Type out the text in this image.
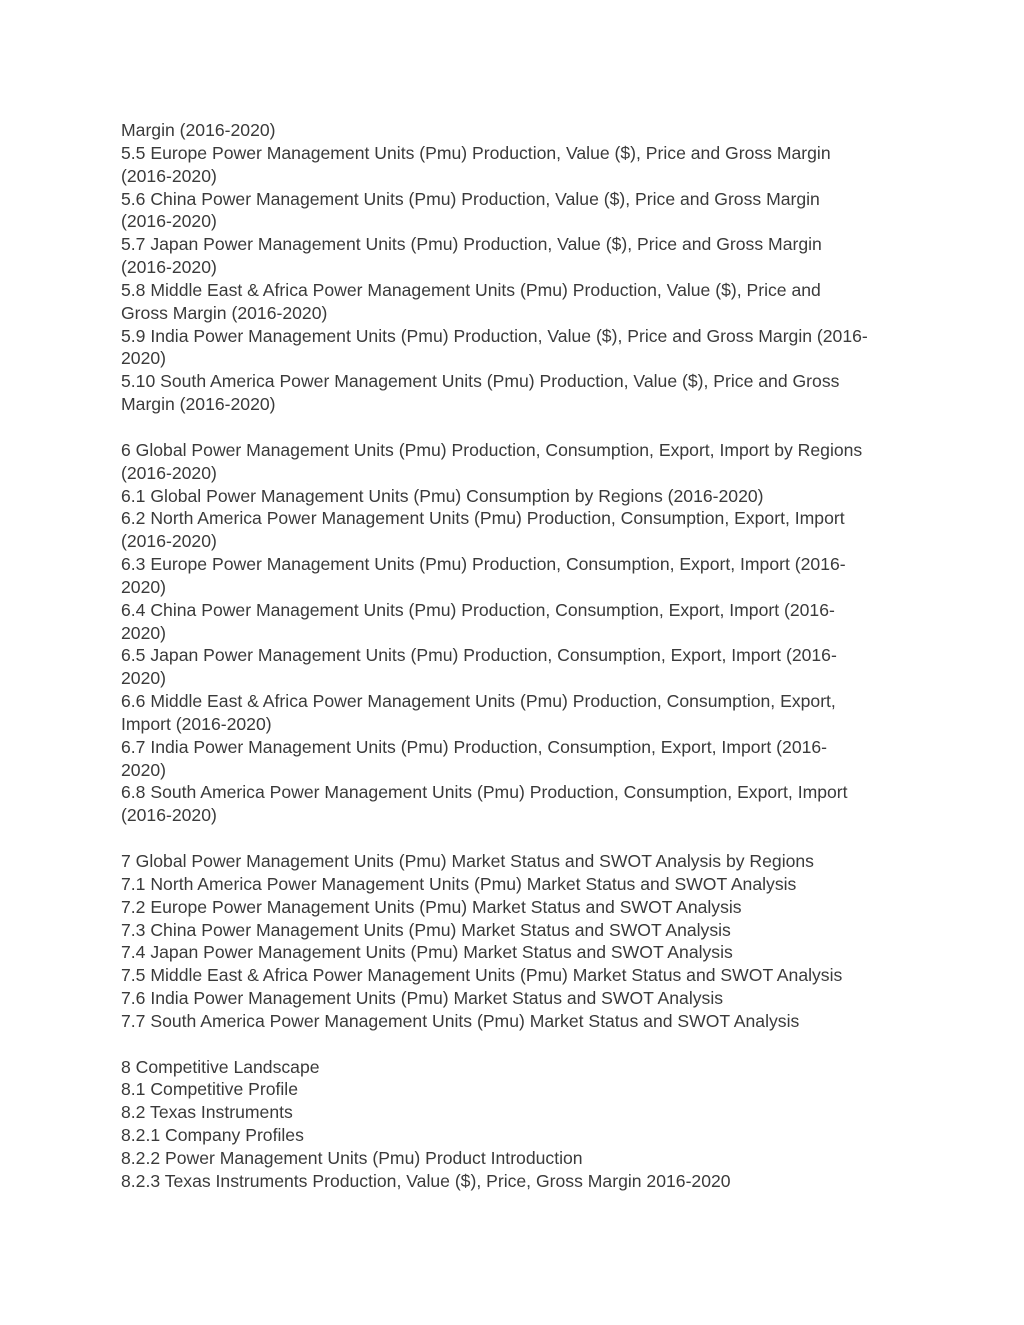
Margin (2016-2020)
5.5 Europe Power Management Units (Pmu) Production, Value ($), Price and Gross Margin
(2016-2020)
5.6 China Power Management Units (Pmu) Production, Value ($), Price and Gross Margin
(2016-2020)
5.7 Japan Power Management Units (Pmu) Production, Value ($), Price and Gross Margin
(2016-2020)
5.8 Middle East & Africa Power Management Units (Pmu) Production, Value ($), Price and
Gross Margin (2016-2020)
5.9 India Power Management Units (Pmu) Production, Value ($), Price and Gross Margin (2016-
2020)
5.10 South America Power Management Units (Pmu) Production, Value ($), Price and Gross
Margin (2016-2020)
6 Global Power Management Units (Pmu) Production, Consumption, Export, Import by Regions
(2016-2020)
6.1 Global Power Management Units (Pmu) Consumption by Regions (2016-2020)
6.2 North America Power Management Units (Pmu) Production, Consumption, Export, Import
(2016-2020)
6.3 Europe Power Management Units (Pmu) Production, Consumption, Export, Import (2016-
2020)
6.4 China Power Management Units (Pmu) Production, Consumption, Export, Import (2016-
2020)
6.5 Japan Power Management Units (Pmu) Production, Consumption, Export, Import (2016-
2020)
6.6 Middle East & Africa Power Management Units (Pmu) Production, Consumption, Export,
Import (2016-2020)
6.7 India Power Management Units (Pmu) Production, Consumption, Export, Import (2016-
2020)
6.8 South America Power Management Units (Pmu) Production, Consumption, Export, Import
(2016-2020)
7 Global Power Management Units (Pmu) Market Status and SWOT Analysis by Regions
7.1 North America Power Management Units (Pmu) Market Status and SWOT Analysis
7.2 Europe Power Management Units (Pmu) Market Status and SWOT Analysis
7.3 China Power Management Units (Pmu) Market Status and SWOT Analysis
7.4 Japan Power Management Units (Pmu) Market Status and SWOT Analysis
7.5 Middle East & Africa Power Management Units (Pmu) Market Status and SWOT Analysis
7.6 India Power Management Units (Pmu) Market Status and SWOT Analysis
7.7 South America Power Management Units (Pmu) Market Status and SWOT Analysis
8 Competitive Landscape
8.1 Competitive Profile
8.2 Texas Instruments
8.2.1 Company Profiles
8.2.2 Power Management Units (Pmu) Product Introduction
8.2.3 Texas Instruments Production, Value ($), Price, Gross Margin 2016-2020
